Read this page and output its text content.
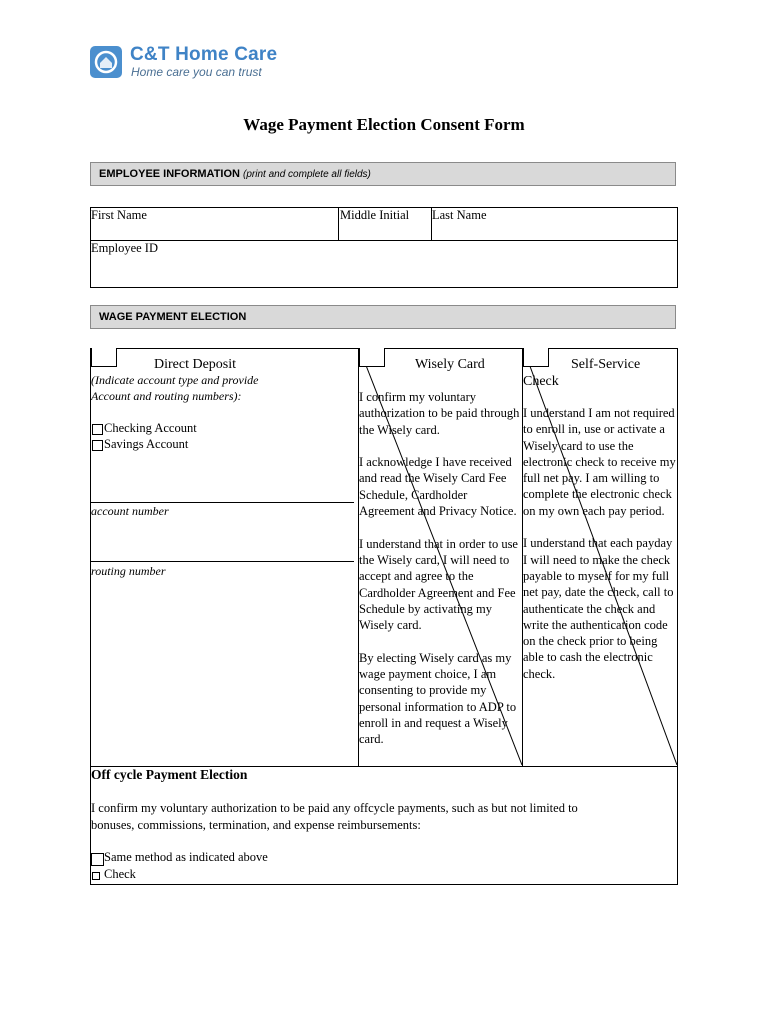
C&T Home Care
Home care you can trust
Wage Payment Election Consent Form
EMPLOYEE INFORMATION (print and complete all fields)
First Name	Middle Initial Last Name
Employee ID
WAGE PAYMENT ELECTION
Direct Deposit
(Indicate account type and provide
Account and routing numbers):
Checking Account
Savings Account
account number
routing number
Wisely Card

I confirm my voluntary authorization to be paid through the Wisely card.

I acknowledge I have received and read the Wisely Card Fee Schedule, Cardholder Agreement and Privacy Notice.

I understand that in order to use the Wisely card, I will need to accept and agree to the Cardholder Agreement and Fee Schedule by activating my Wisely card.

By electing Wisely card as my wage payment choice, I am consenting to provide my personal information to ADP to enroll in and request a Wisely card.

Self-Service
Check

I understand I am not required to enroll in, use or activate a Wisely card to use the electronic check to receive my full net pay. I am willing to complete the electronic check on my own each pay period.

I understand that each payday I will need to make the check payable to myself for my full net pay, date the check, call to authenticate the check and write the authentication code on the check prior to being able to cash the electronic check.

Off cycle Payment Election
I confirm my voluntary authorization to be paid any offcycle payments, such as but not limited to
bonuses, commissions, termination, and expense reimbursements:
Same method as indicated above
Check
